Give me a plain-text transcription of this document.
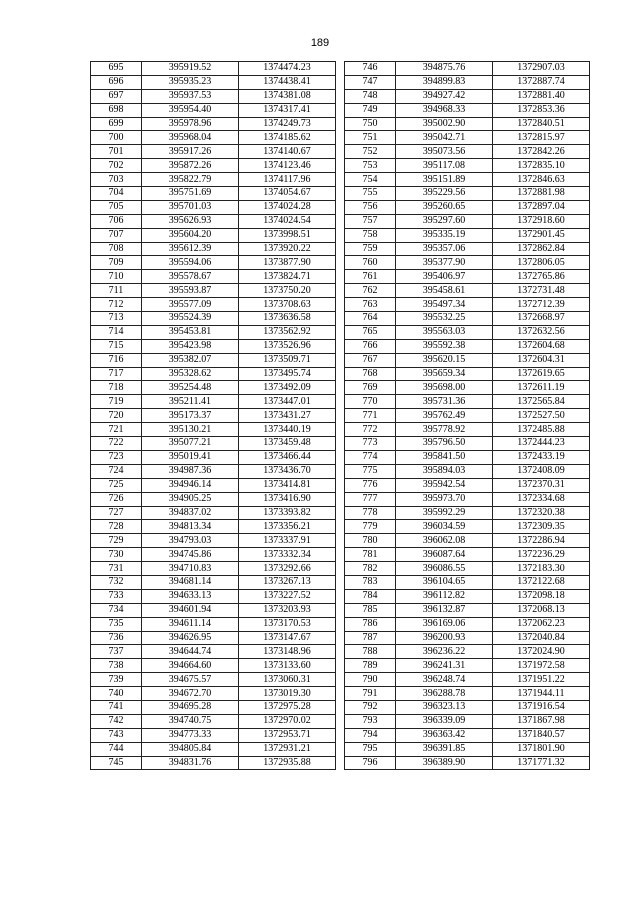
189
695	395919.52	1374474.23
696	395935.23	1374438.41
697	395937.53	1374381.08
698	395954.40	1374317.41
699	395978.96	1374249.73
700	395968.04	1374185.62
701	395917.26	1374140.67
702	395872.26	1374123.46
703	395822.79	1374117.96
704	395751.69	1374054.67
705	395701.03	1374024.28
706	395626.93	1374024.54
707	395604.20	1373998.51
708	395612.39	1373920.22
709	395594.06	1373877.90
710	395578.67	1373824.71
711	395593.87	1373750.20
712	395577.09	1373708.63
713	395524.39	1373636.58
714	395453.81	1373562.92
715	395423.98	1373526.96
716	395382.07	1373509.71
717	395328.62	1373495.74
718	395254.48	1373492.09
719	395211.41	1373447.01
720	395173.37	1373431.27
721	395130.21	1373440.19
722	395077.21	1373459.48
723	395019.41	1373466.44
724	394987.36	1373436.70
725	394946.14	1373414.81
726	394905.25	1373416.90
727	394837.02	1373393.82
728	394813.34	1373356.21
729	394793.03	1373337.91
730	394745.86	1373332.34
731	394710.83	1373292.66
732	394681.14	1373267.13
733	394633.13	1373227.52
734	394601.94	1373203.93
735	394611.14	1373170.53
736	394626.95	1373147.67
737	394644.74	1373148.96
738	394664.60	1373133.60
739	394675.57	1373060.31
740	394672.70	1373019.30
741	394695.28	1372975.28
742	394740.75	1372970.02
743	394773.33	1372953.71
744	394805.84	1372931.21
745	394831.76	1372935.88
746	394875.76	1372907.03
747	394899.83	1372887.74
748	394927.42	1372881.40
749	394968.33	1372853.36
750	395002.90	1372840.51
751	395042.71	1372815.97
752	395073.56	1372842.26
753	395117.08	1372835.10
754	395151.89	1372846.63
755	395229.56	1372881.98
756	395260.65	1372897.04
757	395297.60	1372918.60
758	395335.19	1372901.45
759	395357.06	1372862.84
760	395377.90	1372806.05
761	395406.97	1372765.86
762	395458.61	1372731.48
763	395497.34	1372712.39
764	395532.25	1372668.97
765	395563.03	1372632.56
766	395592.38	1372604.68
767	395620.15	1372604.31
768	395659.34	1372619.65
769	395698.00	1372611.19
770	395731.36	1372565.84
771	395762.49	1372527.50
772	395778.92	1372485.88
773	395796.50	1372444.23
774	395841.50	1372433.19
775	395894.03	1372408.09
776	395942.54	1372370.31
777	395973.70	1372334.68
778	395992.29	1372320.38
779	396034.59	1372309.35
780	396062.08	1372286.94
781	396087.64	1372236.29
782	396086.55	1372183.30
783	396104.65	1372122.68
784	396112.82	1372098.18
785	396132.87	1372068.13
786	396169.06	1372062.23
787	396200.93	1372040.84
788	396236.22	1372024.90
789	396241.31	1371972.58
790	396248.74	1371951.22
791	396288.78	1371944.11
792	396323.13	1371916.54
793	396339.09	1371867.98
794	396363.42	1371840.57
795	396391.85	1371801.90
796	396389.90	1371771.32
